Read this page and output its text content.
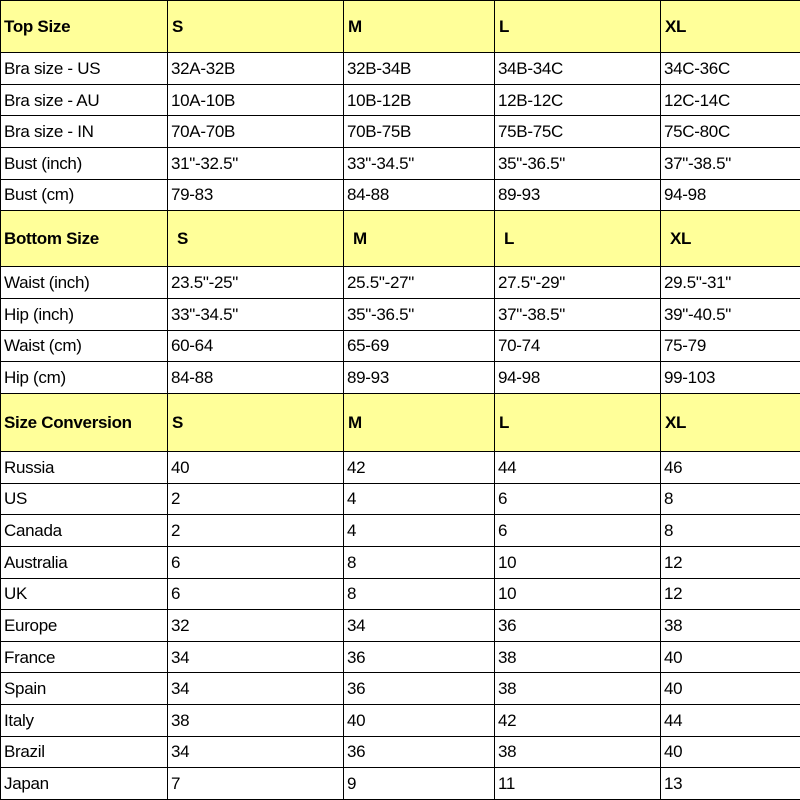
Top Size	S	M	L	XL
Bra size - US	32A-32B	32B-34B	34B-34C	34C-36C
Bra size - AU	10A-10B	10B-12B	12B-12C	12C-14C
Bra size - IN	70A-70B	70B-75B	75B-75C	75C-80C
Bust (inch)	31"-32.5"	33"-34.5"	35"-36.5"	37"-38.5"
Bust (cm)	79-83	84-88	89-93	94-98
Bottom Size	S	M	L	XL
Waist (inch)	23.5"-25"	25.5"-27"	27.5"-29"	29.5"-31"
Hip (inch)	33"-34.5"	35"-36.5"	37"-38.5"	39"-40.5"
Waist (cm)	60-64	65-69	70-74	75-79
Hip (cm)	84-88	89-93	94-98	99-103
Size Conversion	S	M	L	XL
Russia	40	42	44	46
US	2	4	6	8
Canada	2	4	6	8
Australia	6	8	10	12
UK	6	8	10	12
Europe	32	34	36	38
France	34	36	38	40
Spain	34	36	38	40
Italy	38	40	42	44
Brazil	34	36	38	40
Japan	7	9	11	13
